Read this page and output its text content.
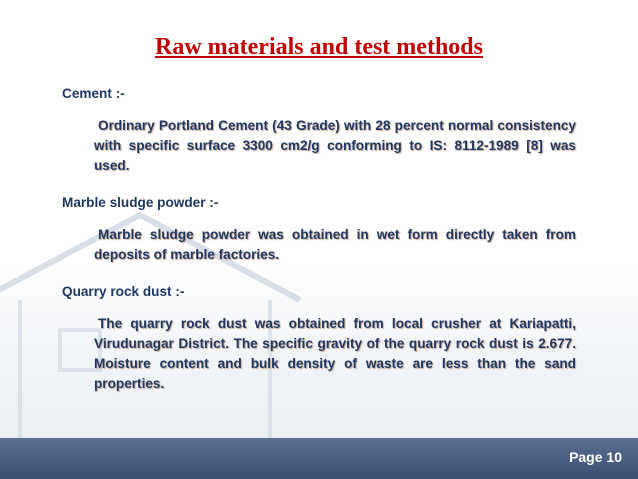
Raw materials and test methods
Cement :-
Ordinary Portland Cement (43 Grade) with 28 percent normal consistency with specific surface 3300 cm2/g conforming to IS: 8112-1989 [8] was used.
Marble sludge powder :-
Marble sludge powder was obtained in wet form directly taken from deposits of marble factories.
Quarry rock dust :-
The quarry rock dust was obtained from local crusher at Kariapatti, Virudunagar District. The specific gravity of the quarry rock dust is 2.677. Moisture content and bulk density of waste are less than the sand properties.
Page 10
